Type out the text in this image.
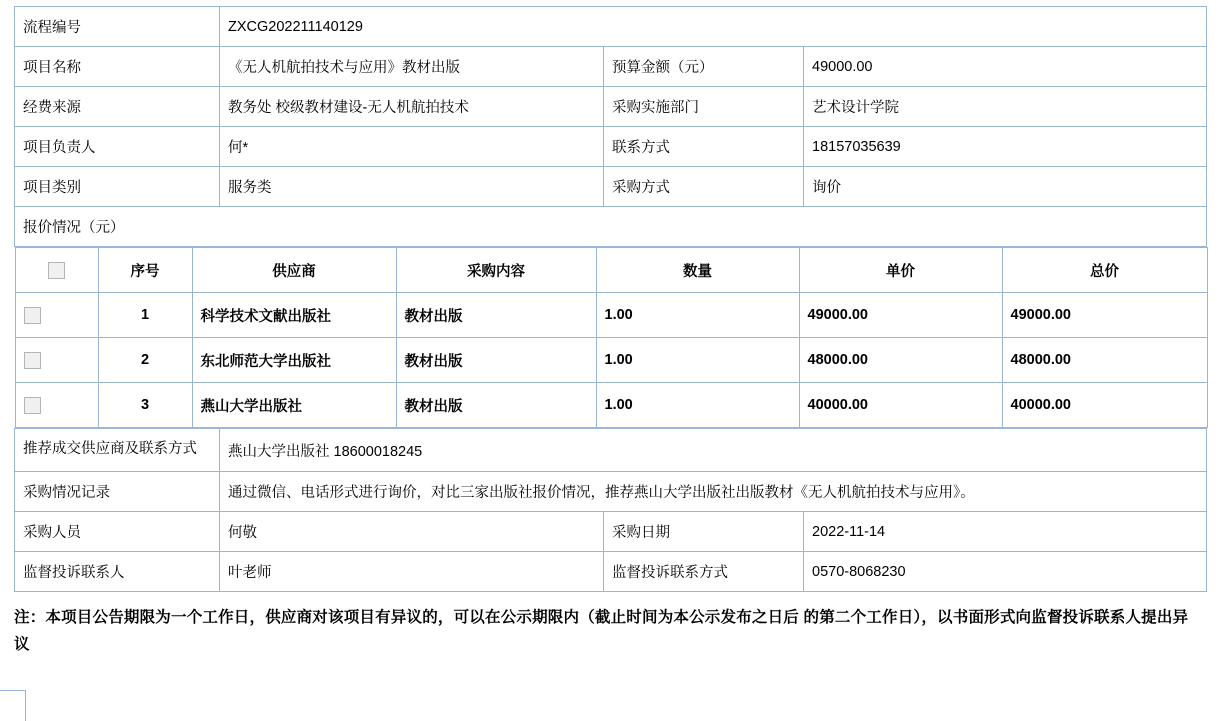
流程编号	ZXCG202211140129
项目名称	《无人机航拍技术与应用》教材出版	预算金额（元）	49000.00
经费来源	教务处 校级教材建设-无人机航拍技术	采购实施部门	艺术设计学院
项目负责人	何*	联系方式	18157035639
项目类别	服务类	采购方式	询价
报价情况（元）

	序号	供应商	采购内容	数量	单价	总价
	1	科学技术文献出版社	教材出版	1.00	49000.00	49000.00
	2	东北师范大学出版社	教材出版	1.00	48000.00	48000.00
	3	燕山大学出版社	教材出版	1.00	40000.00	40000.00

推荐成交供应商及联系方式	燕山大学出版社 18600018245
采购情况记录	通过微信、电话形式进行询价，对比三家出版社报价情况，推荐燕山大学出版社出版教材《无人机航拍技术与应用》。
采购人员	何敬	采购日期	2022-11-14
监督投诉联系人	叶老师	监督投诉联系方式	0570-8068230
注：本项目公告期限为一个工作日，供应商对该项目有异议的，可以在公示期限内（截止时间为本公示发布之日后 的第二个工作日），以书面形式向监督投诉联系人提出异议
